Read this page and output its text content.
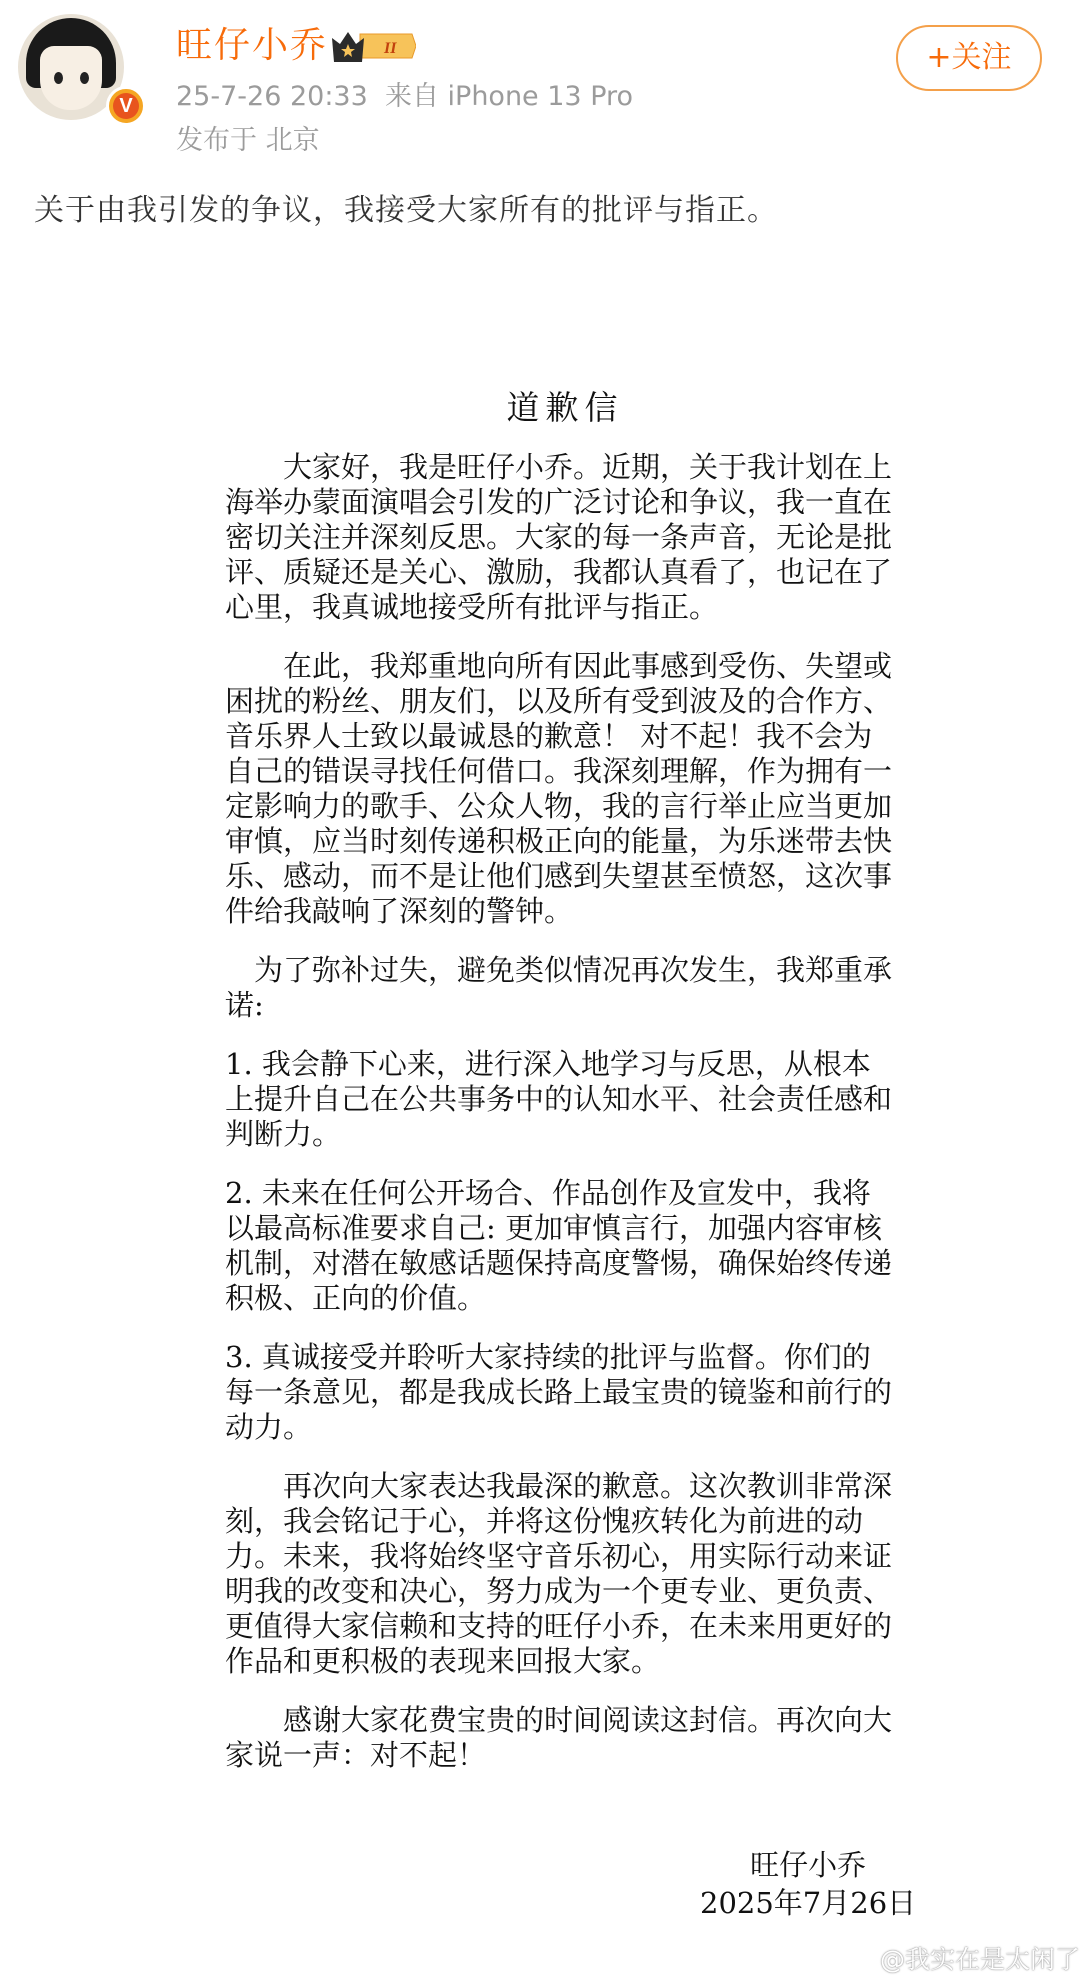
V
旺仔小乔	II
25-7-26 20:33 来自 iPhone 13 Pro
发布于 北京
+关注
关于由我引发的争议，我接受大家所有的批评与指正。
道歉信
　　大家好，我是旺仔小乔。近期，关于我计划在上
海举办蒙面演唱会引发的广泛讨论和争议，我一直在
密切关注并深刻反思。大家的每一条声音，无论是批
评、质疑还是关心、激励，我都认真看了，也记在了
心里，我真诚地接受所有批评与指正。
　　在此，我郑重地向所有因此事感到受伤、失望或
困扰的粉丝、朋友们，以及所有受到波及的合作方、
音乐界人士致以最诚恳的歉意！ 对不起！我不会为
自己的错误寻找任何借口。我深刻理解，作为拥有一
定影响力的歌手、公众人物，我的言行举止应当更加
审慎，应当时刻传递积极正向的能量，为乐迷带去快
乐、感动，而不是让他们感到失望甚至愤怒，这次事
件给我敲响了深刻的警钟。
　为了弥补过失，避免类似情况再次发生，我郑重承
诺:
1. 我会静下心来，进行深入地学习与反思，从根本
上提升自己在公共事务中的认知水平、社会责任感和
判断力。
2. 未来在任何公开场合、作品创作及宣发中，我将
以最高标准要求自己: 更加审慎言行，加强内容审核
机制，对潜在敏感话题保持高度警惕，确保始终传递
积极、正向的价值。
3. 真诚接受并聆听大家持续的批评与监督。你们的
每一条意见，都是我成长路上最宝贵的镜鉴和前行的
动力。
　　再次向大家表达我最深的歉意。这次教训非常深
刻，我会铭记于心，并将这份愧疚转化为前进的动
力。未来，我将始终坚守音乐初心，用实际行动来证
明我的改变和决心，努力成为一个更专业、更负责、
更值得大家信赖和支持的旺仔小乔，在未来用更好的
作品和更积极的表现来回报大家。
　　感谢大家花费宝贵的时间阅读这封信。再次向大
家说一声：对不起！
旺仔小乔
2025年7月26日
@我实在是太闲了
